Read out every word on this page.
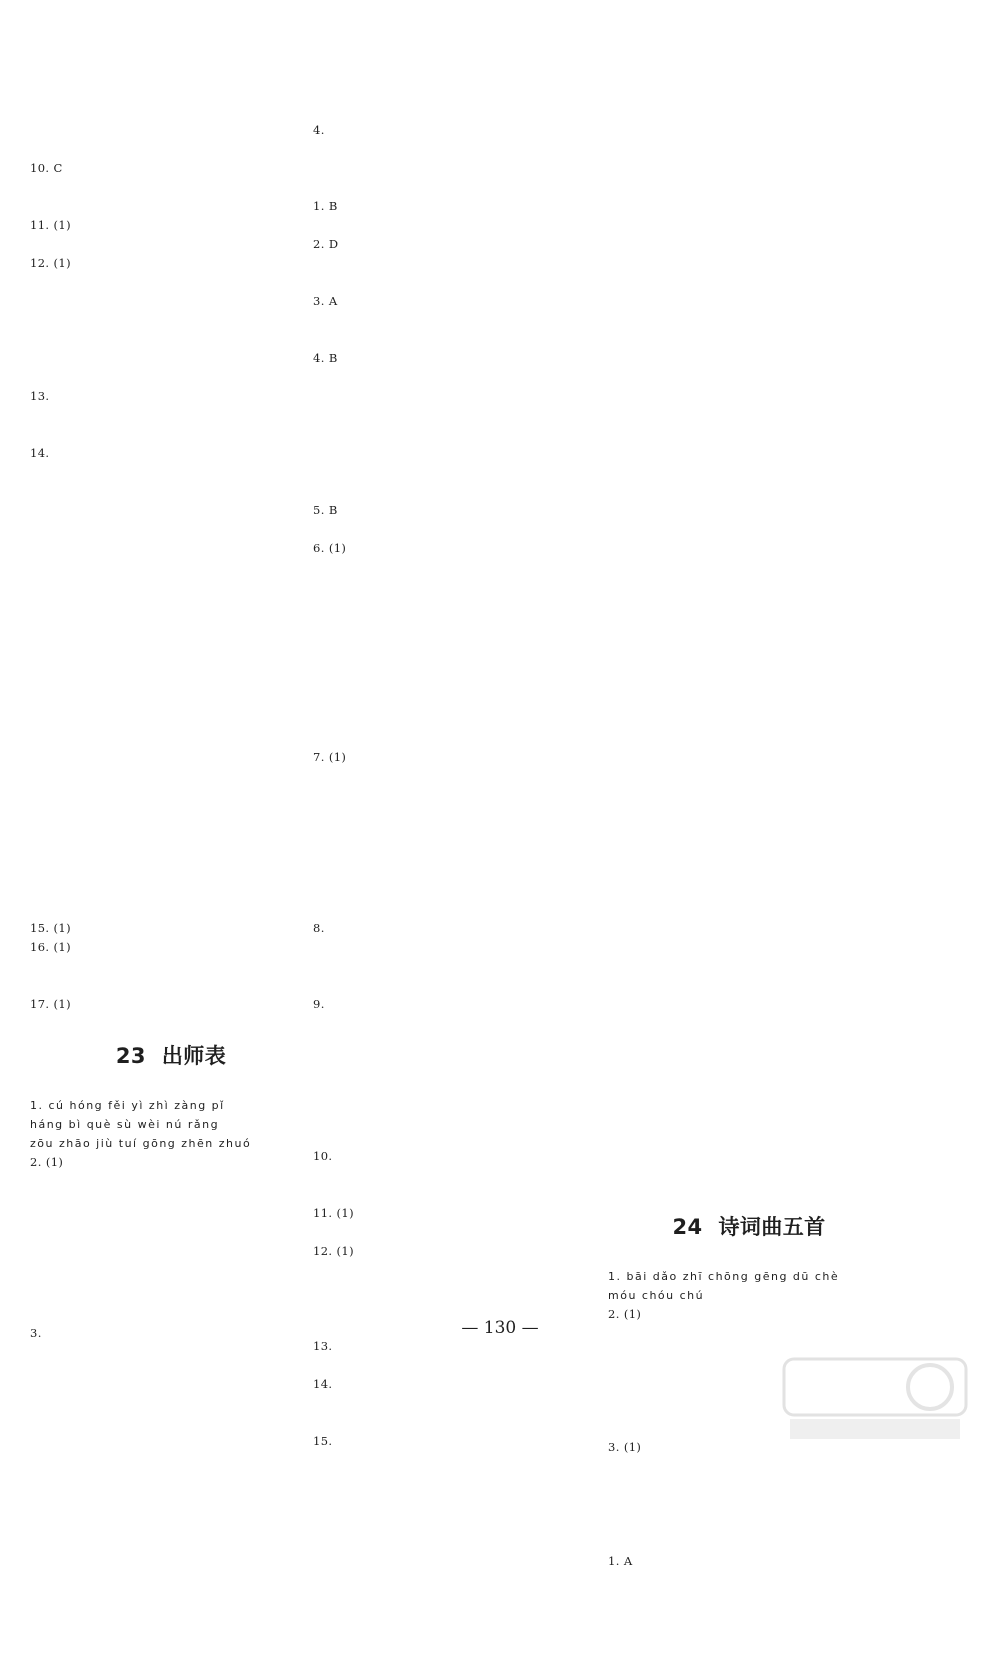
10. C
11. (1)
12. (1)
13.
14.
15. (1)
16. (1)
17. (1)
23 出师表
1. cú hóng fěi yì zhì zàng pǐ
háng bì què sù wèi nú rǎng
zōu zhāo jiù tuí gōng zhēn zhuó
2. (1)
3.
4.
1. B
2. D
3. A
4. B
5. B
6. (1)
7. (1)
8.
9.
10.
11. (1)
12. (1)
13.
14.
15.
24 诗词曲五首
1. bāi dǎo zhī chōng gēng dū chè
móu chóu chú
2. (1)
3. (1)
1. A
— 130 —
